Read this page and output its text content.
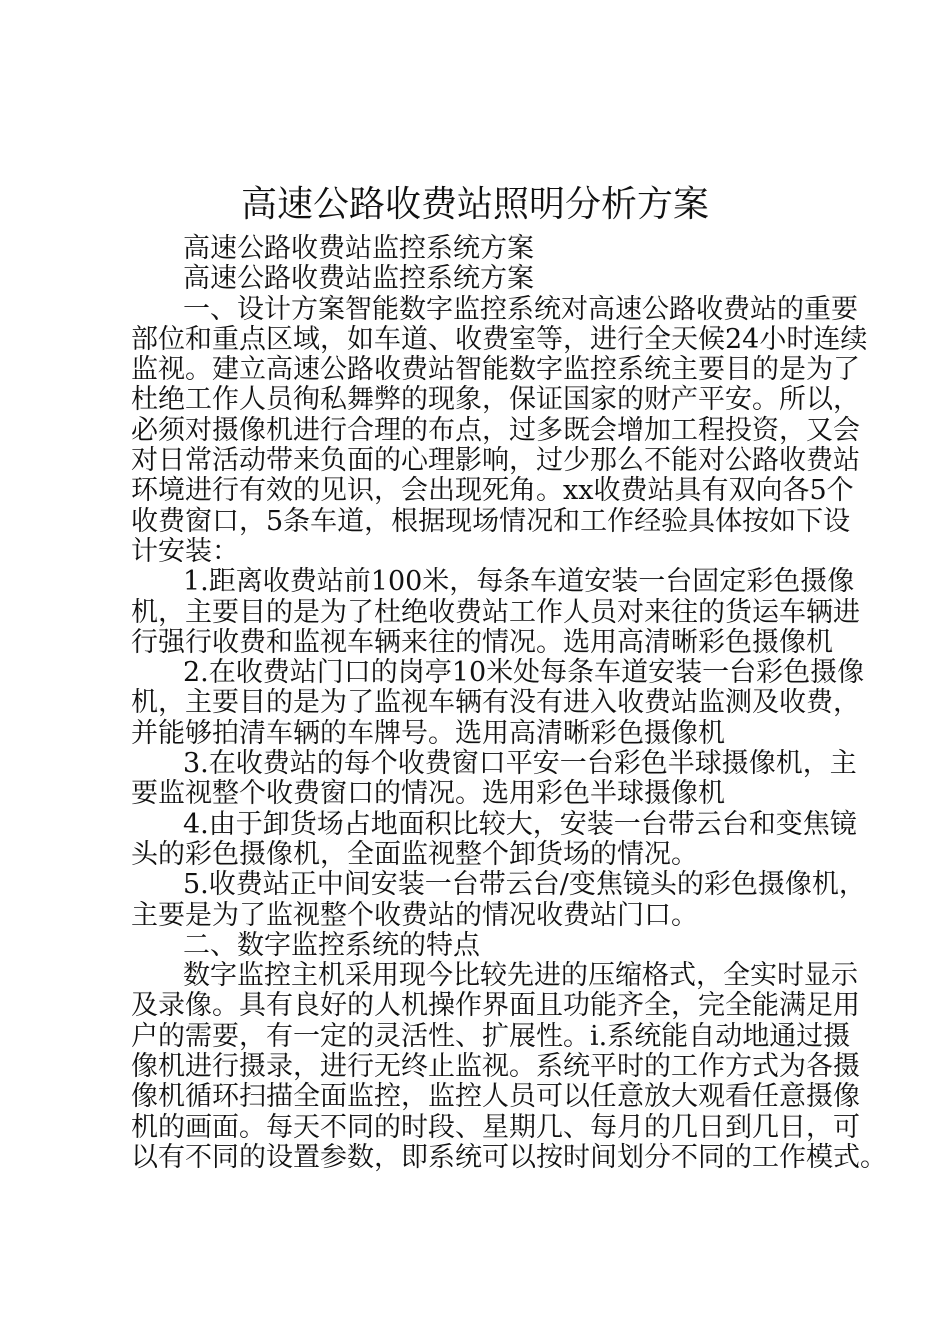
高速公路收费站照明分析方案
高速公路收费站监控系统方案
高速公路收费站监控系统方案
一、设计方案智能数字监控系统对高速公路收费站的重要
部位和重点区域，如车道、收费室等，进行全天候24小时连续
监视。建立高速公路收费站智能数字监控系统主要目的是为了
杜绝工作人员徇私舞弊的现象，保证国家的财产平安。所以，
必须对摄像机进行合理的布点，过多既会增加工程投资，又会
对日常活动带来负面的心理影响，过少那么不能对公路收费站
环境进行有效的见识，会出现死角。xx收费站具有双向各5个
收费窗口，5条车道，根据现场情况和工作经验具体按如下设
计安装：
1.距离收费站前100米，每条车道安装一台固定彩色摄像
机，主要目的是为了杜绝收费站工作人员对来往的货运车辆进
行强行收费和监视车辆来往的情况。选用高清晰彩色摄像机
2.在收费站门口的岗亭10米处每条车道安装一台彩色摄像
机，主要目的是为了监视车辆有没有进入收费站监测及收费，
并能够拍清车辆的车牌号。选用高清晰彩色摄像机
3.在收费站的每个收费窗口平安一台彩色半球摄像机，主
要监视整个收费窗口的情况。选用彩色半球摄像机
4.由于卸货场占地面积比较大，安装一台带云台和变焦镜
头的彩色摄像机，全面监视整个卸货场的情况。
5.收费站正中间安装一台带云台/变焦镜头的彩色摄像机，
主要是为了监视整个收费站的情况收费站门口。
二、数字监控系统的特点
数字监控主机采用现今比较先进的压缩格式，全实时显示
及录像。具有良好的人机操作界面且功能齐全，完全能满足用
户的需要，有一定的灵活性、扩展性。i.系统能自动地通过摄
像机进行摄录，进行无终止监视。系统平时的工作方式为各摄
像机循环扫描全面监控，监控人员可以任意放大观看任意摄像
机的画面。每天不同的时段、星期几、每月的几日到几日，可
以有不同的设置参数，即系统可以按时间划分不同的工作模式。
